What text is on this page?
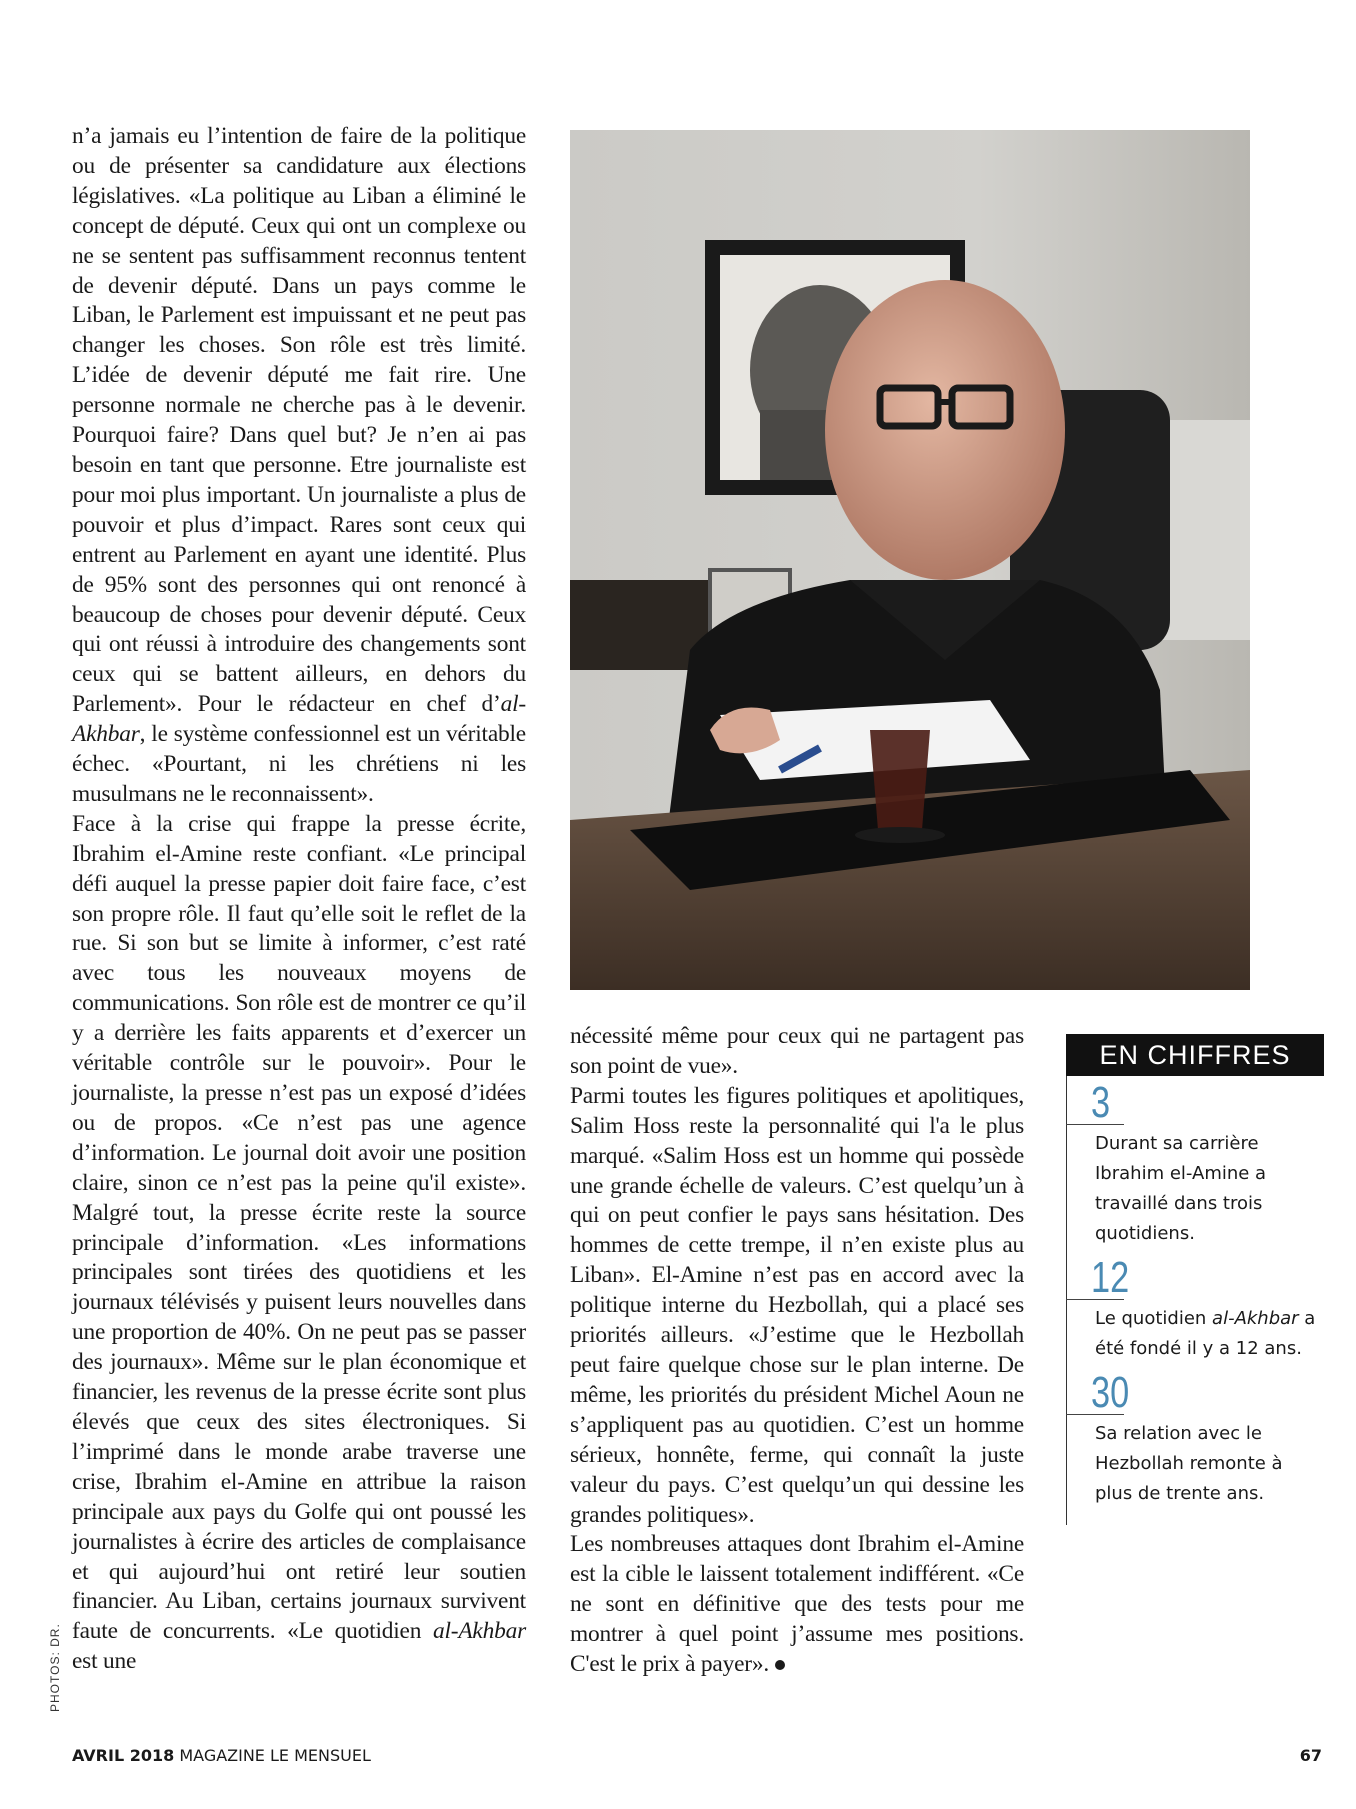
n’a jamais eu l’intention de faire de la politique ou de présenter sa candidature aux élections législatives. «La politique au Liban a éliminé le concept de député. Ceux qui ont un complexe ou ne se sentent pas suffisamment reconnus tentent de devenir député. Dans un pays comme le Liban, le Parlement est impuissant et ne peut pas changer les choses. Son rôle est très limité. L’idée de devenir député me fait rire. Une personne normale ne cherche pas à le devenir. Pourquoi faire? Dans quel but? Je n’en ai pas besoin en tant que personne. Etre journaliste est pour moi plus important. Un journaliste a plus de pouvoir et plus d’impact. Rares sont ceux qui entrent au Parlement en ayant une identité. Plus de 95% sont des personnes qui ont renoncé à beaucoup de choses pour devenir député. Ceux qui ont réussi à introduire des changements sont ceux qui se battent ailleurs, en dehors du Parlement». Pour le rédacteur en chef d’al-Akhbar, le système confessionnel est un véritable échec. «Pourtant, ni les chrétiens ni les musulmans ne le reconnaissent».

Face à la crise qui frappe la presse écrite, Ibrahim el-Amine reste confiant. «Le principal défi auquel la presse papier doit faire face, c’est son propre rôle. Il faut qu’elle soit le reflet de la rue. Si son but se limite à informer, c’est raté avec tous les nouveaux moyens de communications. Son rôle est de montrer ce qu’il y a derrière les faits apparents et d’exercer un véritable contrôle sur le pouvoir». Pour le journaliste, la presse n’est pas un exposé d’idées ou de propos. «Ce n’est pas une agence d’information. Le journal doit avoir une position claire, sinon ce n’est pas la peine qu'il existe». Malgré tout, la presse écrite reste la source principale d’information. «Les informations principales sont tirées des quotidiens et les journaux télévisés y puisent leurs nouvelles dans une proportion de 40%. On ne peut pas se passer des journaux». Même sur le plan économique et financier, les revenus de la presse écrite sont plus élevés que ceux des sites électroniques. Si l’imprimé dans le monde arabe traverse une crise, Ibrahim el-Amine en attribue la raison principale aux pays du Golfe qui ont poussé les journalistes à écrire des articles de complaisance et qui aujourd’hui ont retiré leur soutien financier. Au Liban, certains journaux survivent faute de concurrents. «Le quotidien al-Akhbar est une

PHOTOS: DR.

nécessité même pour ceux qui ne partagent pas son point de vue».

Parmi toutes les figures politiques et apolitiques, Salim Hoss reste la personnalité qui l'a le plus marqué. «Salim Hoss est un homme qui possède une grande échelle de valeurs. C’est quelqu’un à qui on peut confier le pays sans hésitation. Des hommes de cette trempe, il n’en existe plus au Liban». El-Amine n’est pas en accord avec la politique interne du Hezbollah, qui a placé ses priorités ailleurs. «J’estime que le Hezbollah peut faire quelque chose sur le plan interne. De même, les priorités du président Michel Aoun ne s’appliquent pas au quotidien. C’est un homme sérieux, honnête, ferme, qui connaît la juste valeur du pays. C’est quelqu’un qui dessine les grandes politiques».

Les nombreuses attaques dont Ibrahim el-Amine est la cible le laissent totalement indifférent. «Ce ne sont en définitive que des tests pour me montrer à quel point j’assume mes positions. C'est le prix à payer».

EN CHIFFRES
3
Durant sa carrière Ibrahim el-Amine a travaillé dans trois quotidiens.
12
Le quotidien al-Akhbar a été fondé il y a 12 ans.
30
Sa relation avec le Hezbollah remonte à plus de trente ans.
AVRIL 2018 MAGAZINE LE MENSUEL	67
